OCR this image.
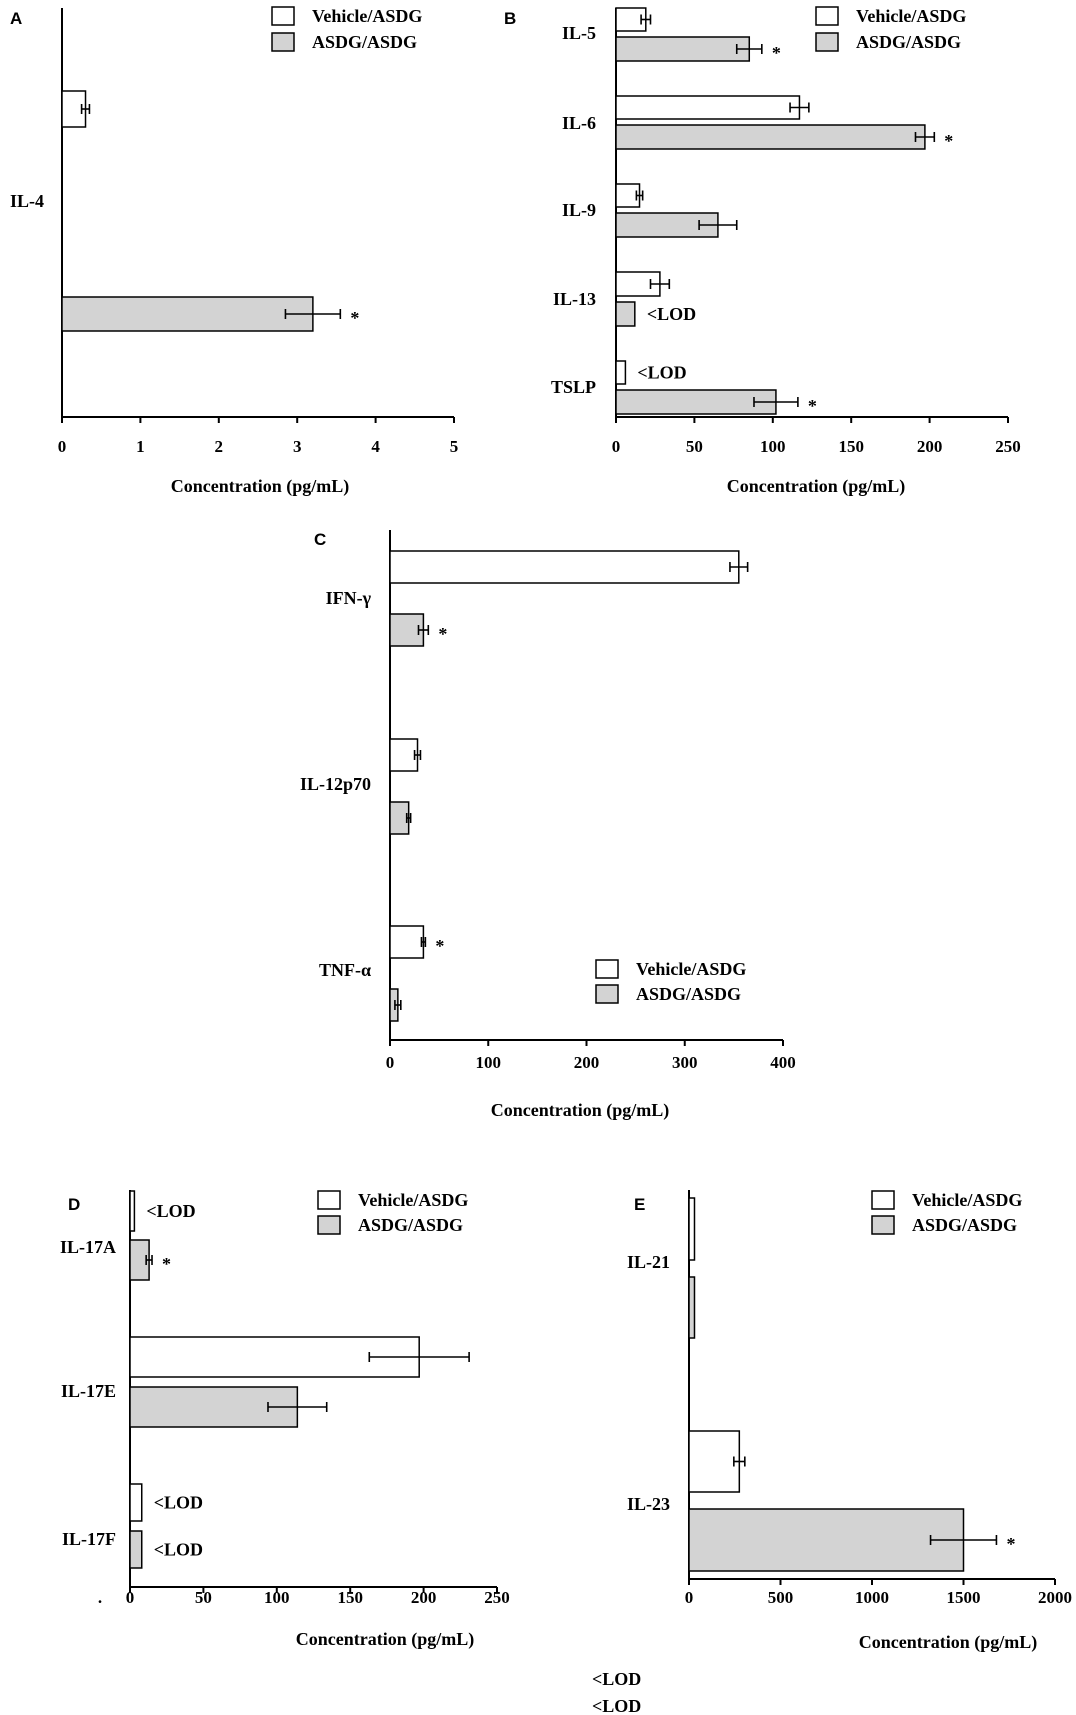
A
0	1	2	3	4	5
Concentration (pg/mL)
Vehicle/ASDG
ASDG/ASDG
IL-4
*
B
0	50	100	150	200	250
Concentration (pg/mL)
Vehicle/ASDG
ASDG/ASDG
IL-5
*
IL-6
*
IL-9
IL-13
<LOD
TSLP
<LOD
*
C
0	100	200	300	400
Concentration (pg/mL)
Vehicle/ASDG
ASDG/ASDG
IFN-γ
*
IL-12p70
TNF-α
*
D
0	50	100	150	200	250
Concentration (pg/mL)
Vehicle/ASDG
ASDG/ASDG
IL-17A
<LOD
*
IL-17E
IL-17F
<LOD
<LOD
E
0	500	1000	1500	2000
Concentration (pg/mL)
Vehicle/ASDG
ASDG/ASDG
IL-21
IL-23
*
.
<LOD
<LOD
